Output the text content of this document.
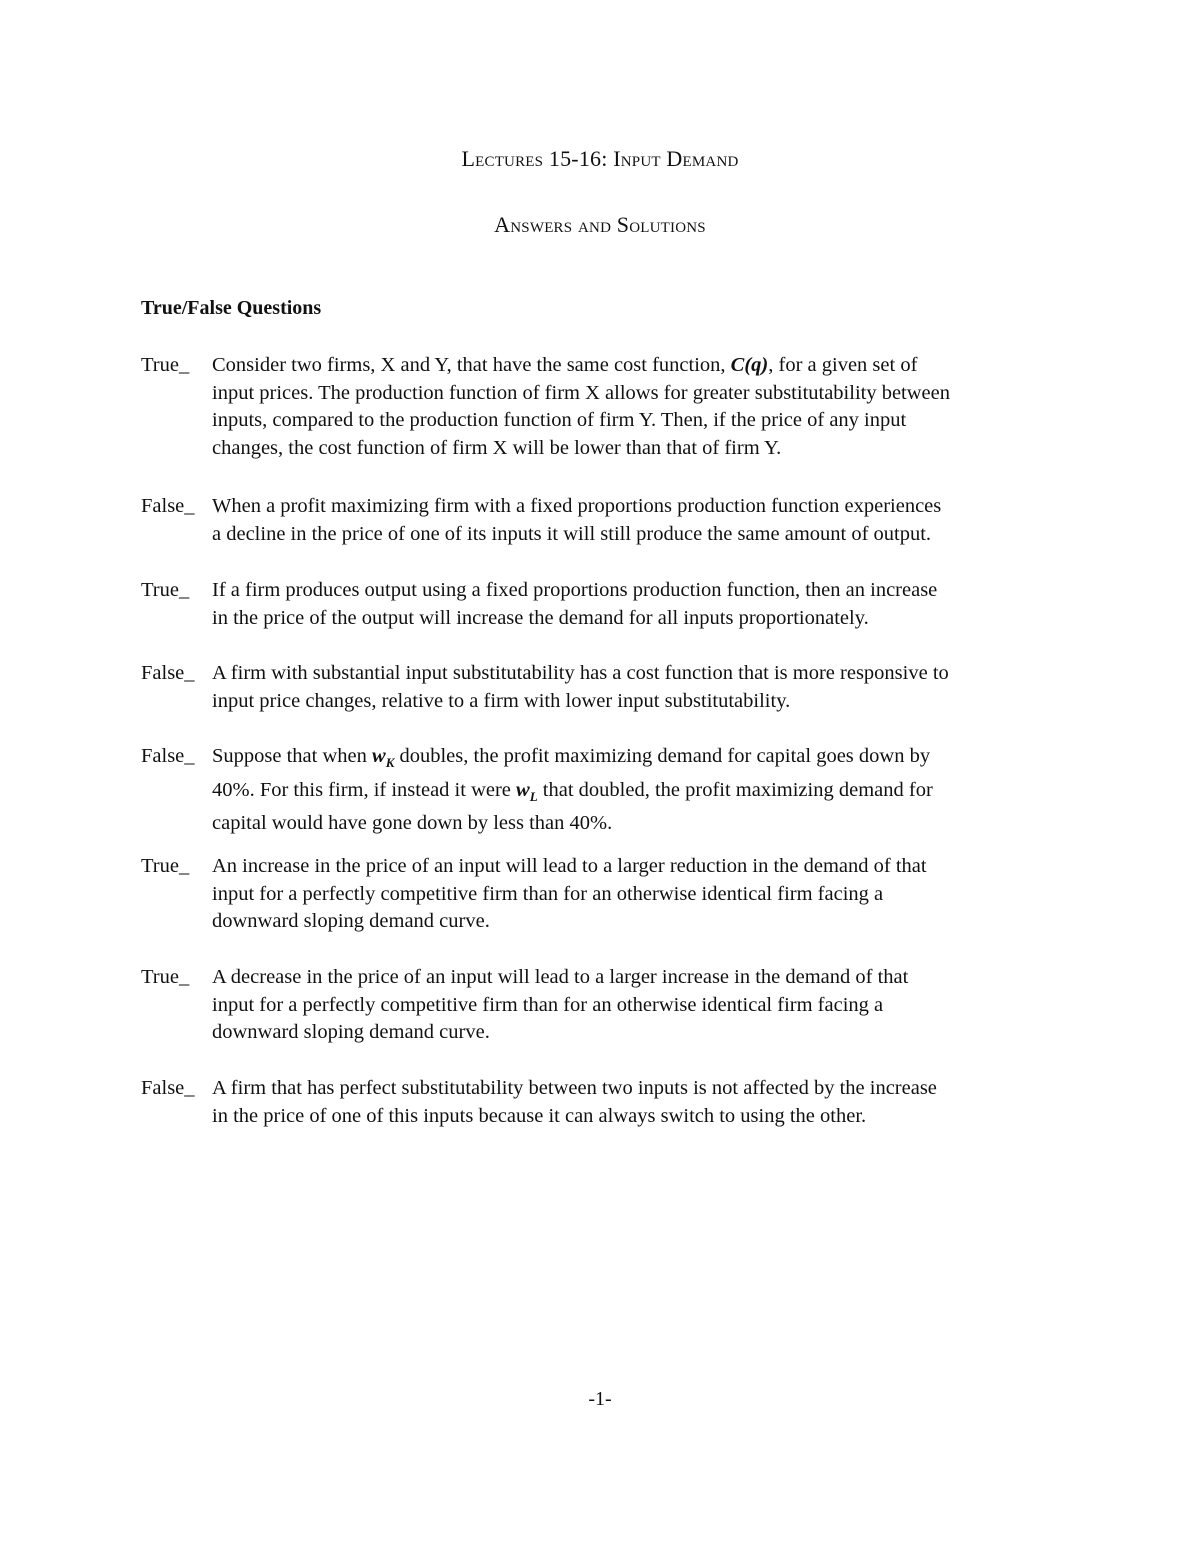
Lectures 15-16: Input Demand
Answers and Solutions
True/False Questions
True_ Consider two firms, X and Y, that have the same cost function, C(q), for a given set of
input prices. The production function of firm X allows for greater substitutability between
inputs, compared to the production function of firm Y. Then, if the price of any input
changes, the cost function of firm X will be lower than that of firm Y.
False_ When a profit maximizing firm with a fixed proportions production function experiences
a decline in the price of one of its inputs it will still produce the same amount of output.
True_ If a firm produces output using a fixed proportions production function, then an increase
in the price of the output will increase the demand for all inputs proportionately.
False_ A firm with substantial input substitutability has a cost function that is more responsive to
input price changes, relative to a firm with lower input substitutability.
False_ Suppose that when $w_K$ doubles, the profit maximizing demand for capital goes down by
40%. For this firm, if instead it were $w_L$ that doubled, the profit maximizing demand for
capital would have gone down by less than 40%.
True_ An increase in the price of an input will lead to a larger reduction in the demand of that
input for a perfectly competitive firm than for an otherwise identical firm facing a
downward sloping demand curve.
True_ A decrease in the price of an input will lead to a larger increase in the demand of that
input for a perfectly competitive firm than for an otherwise identical firm facing a
downward sloping demand curve.
False_ A firm that has perfect substitutability between two inputs is not affected by the increase
in the price of one of this inputs because it can always switch to using the other.
-1-
